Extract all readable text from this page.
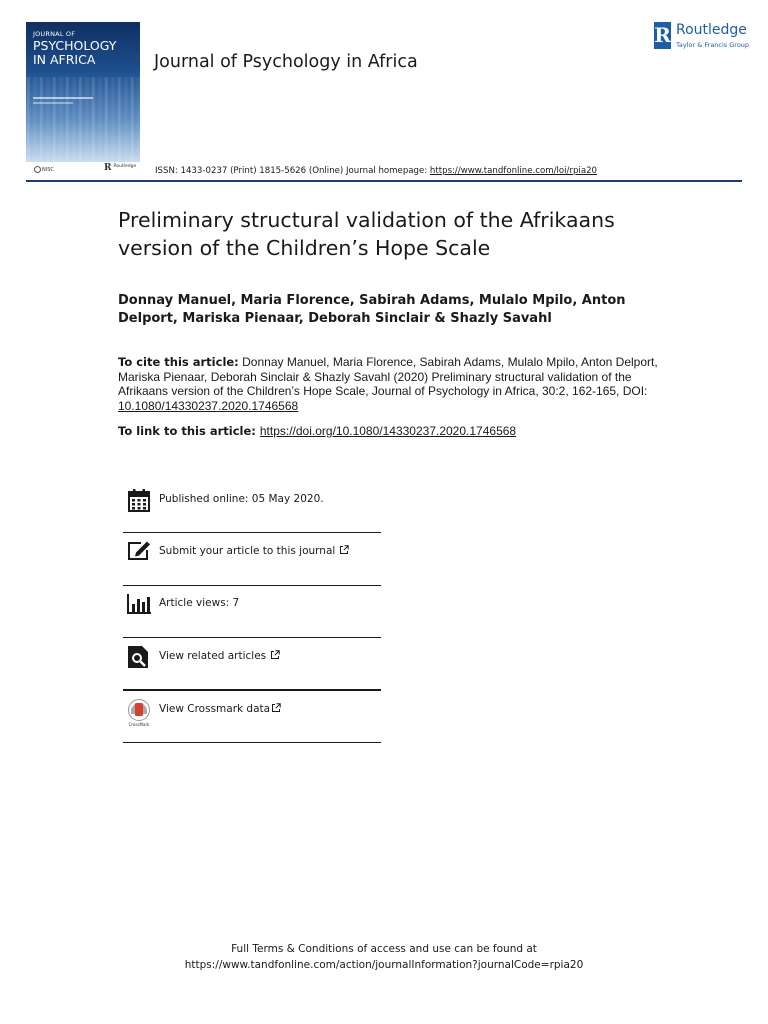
JOURNAL OF
PSYCHOLOGY
IN AFRICA
NISC	R Routledge
Journal of Psychology in Africa
R Routledge
Taylor & Francis Group
ISSN: 1433-0237 (Print) 1815-5626 (Online) Journal homepage: https://www.tandfonline.com/loi/rpia20
Preliminary structural validation of the Afrikaans version of the Children’s Hope Scale
Donnay Manuel, Maria Florence, Sabirah Adams, Mulalo Mpilo, Anton Delport, Mariska Pienaar, Deborah Sinclair & Shazly Savahl
To cite this article: Donnay Manuel, Maria Florence, Sabirah Adams, Mulalo Mpilo, Anton Delport, Mariska Pienaar, Deborah Sinclair & Shazly Savahl (2020) Preliminary structural validation of the Afrikaans version of the Children’s Hope Scale, Journal of Psychology in Africa, 30:2, 162-165, DOI: 10.1080/14330237.2020.1746568
To link to this article: https://doi.org/10.1080/14330237.2020.1746568
Published online: 05 May 2020.
Submit your article to this journal
Article views: 7
View related articles
CrossMark
View Crossmark data
Full Terms & Conditions of access and use can be found at
https://www.tandfonline.com/action/journalInformation?journalCode=rpia20
